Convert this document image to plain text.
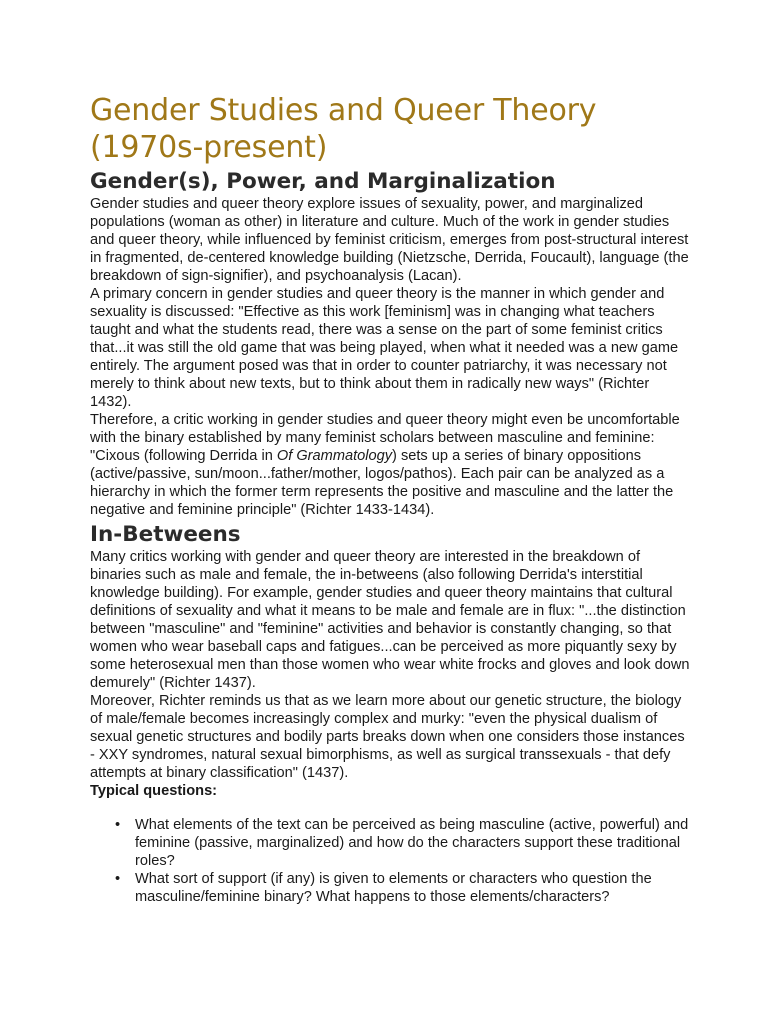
Gender Studies and Queer Theory
(1970s-present)
Gender(s), Power, and Marginalization

Gender studies and queer theory explore issues of sexuality, power, and marginalized populations (woman as other) in literature and culture. Much of the work in gender studies and queer theory, while influenced by feminist criticism, emerges from post-structural interest in fragmented, de-centered knowledge building (Nietzsche, Derrida, Foucault), language (the breakdown of sign-signifier), and psychoanalysis (Lacan).

A primary concern in gender studies and queer theory is the manner in which gender and sexuality is discussed: "Effective as this work [feminism] was in changing what teachers taught and what the students read, there was a sense on the part of some feminist critics that...it was still the old game that was being played, when what it needed was a new game entirely. The argument posed was that in order to counter patriarchy, it was necessary not merely to think about new texts, but to think about them in radically new ways" (Richter 1432).

Therefore, a critic working in gender studies and queer theory might even be uncomfortable with the binary established by many feminist scholars between masculine and feminine: "Cixous (following Derrida in Of Grammatology) sets up a series of binary oppositions (active/passive, sun/moon...father/mother, logos/pathos). Each pair can be analyzed as a hierarchy in which the former term represents the positive and masculine and the latter the negative and feminine principle" (Richter 1433-1434).

In-Betweens

Many critics working with gender and queer theory are interested in the breakdown of binaries such as male and female, the in-betweens (also following Derrida's interstitial knowledge building). For example, gender studies and queer theory maintains that cultural definitions of sexuality and what it means to be male and female are in flux: "...the distinction between "masculine" and "feminine" activities and behavior is constantly changing, so that women who wear baseball caps and fatigues...can be perceived as more piquantly sexy by some heterosexual men than those women who wear white frocks and gloves and look down demurely" (Richter 1437).

Moreover, Richter reminds us that as we learn more about our genetic structure, the biology of male/female becomes increasingly complex and murky: "even the physical dualism of sexual genetic structures and bodily parts breaks down when one considers those instances - XXY syndromes, natural sexual bimorphisms, as well as surgical transsexuals - that defy attempts at binary classification" (1437).

Typical questions:

• What elements of the text can be perceived as being masculine (active, powerful) and feminine (passive, marginalized) and how do the characters support these traditional roles?
• What sort of support (if any) is given to elements or characters who question the masculine/feminine binary? What happens to those elements/characters?
